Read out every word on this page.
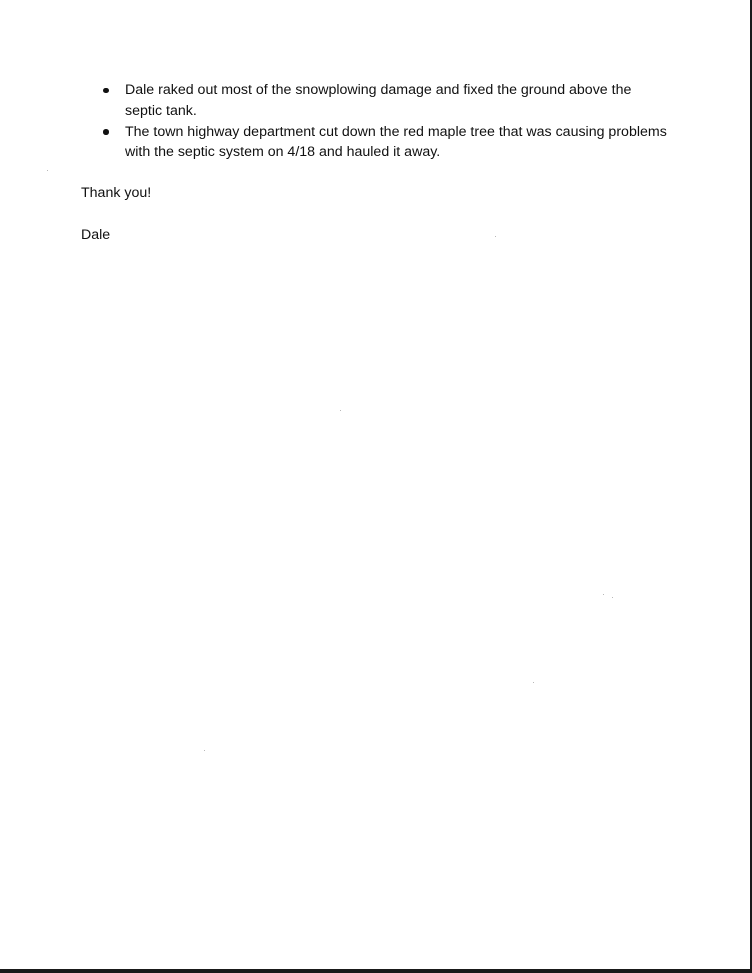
Dale raked out most of the snowplowing damage and fixed the ground above the septic tank.
The town highway department cut down the red maple tree that was causing problems with the septic system on 4/18 and hauled it away.

Thank you!

Dale
